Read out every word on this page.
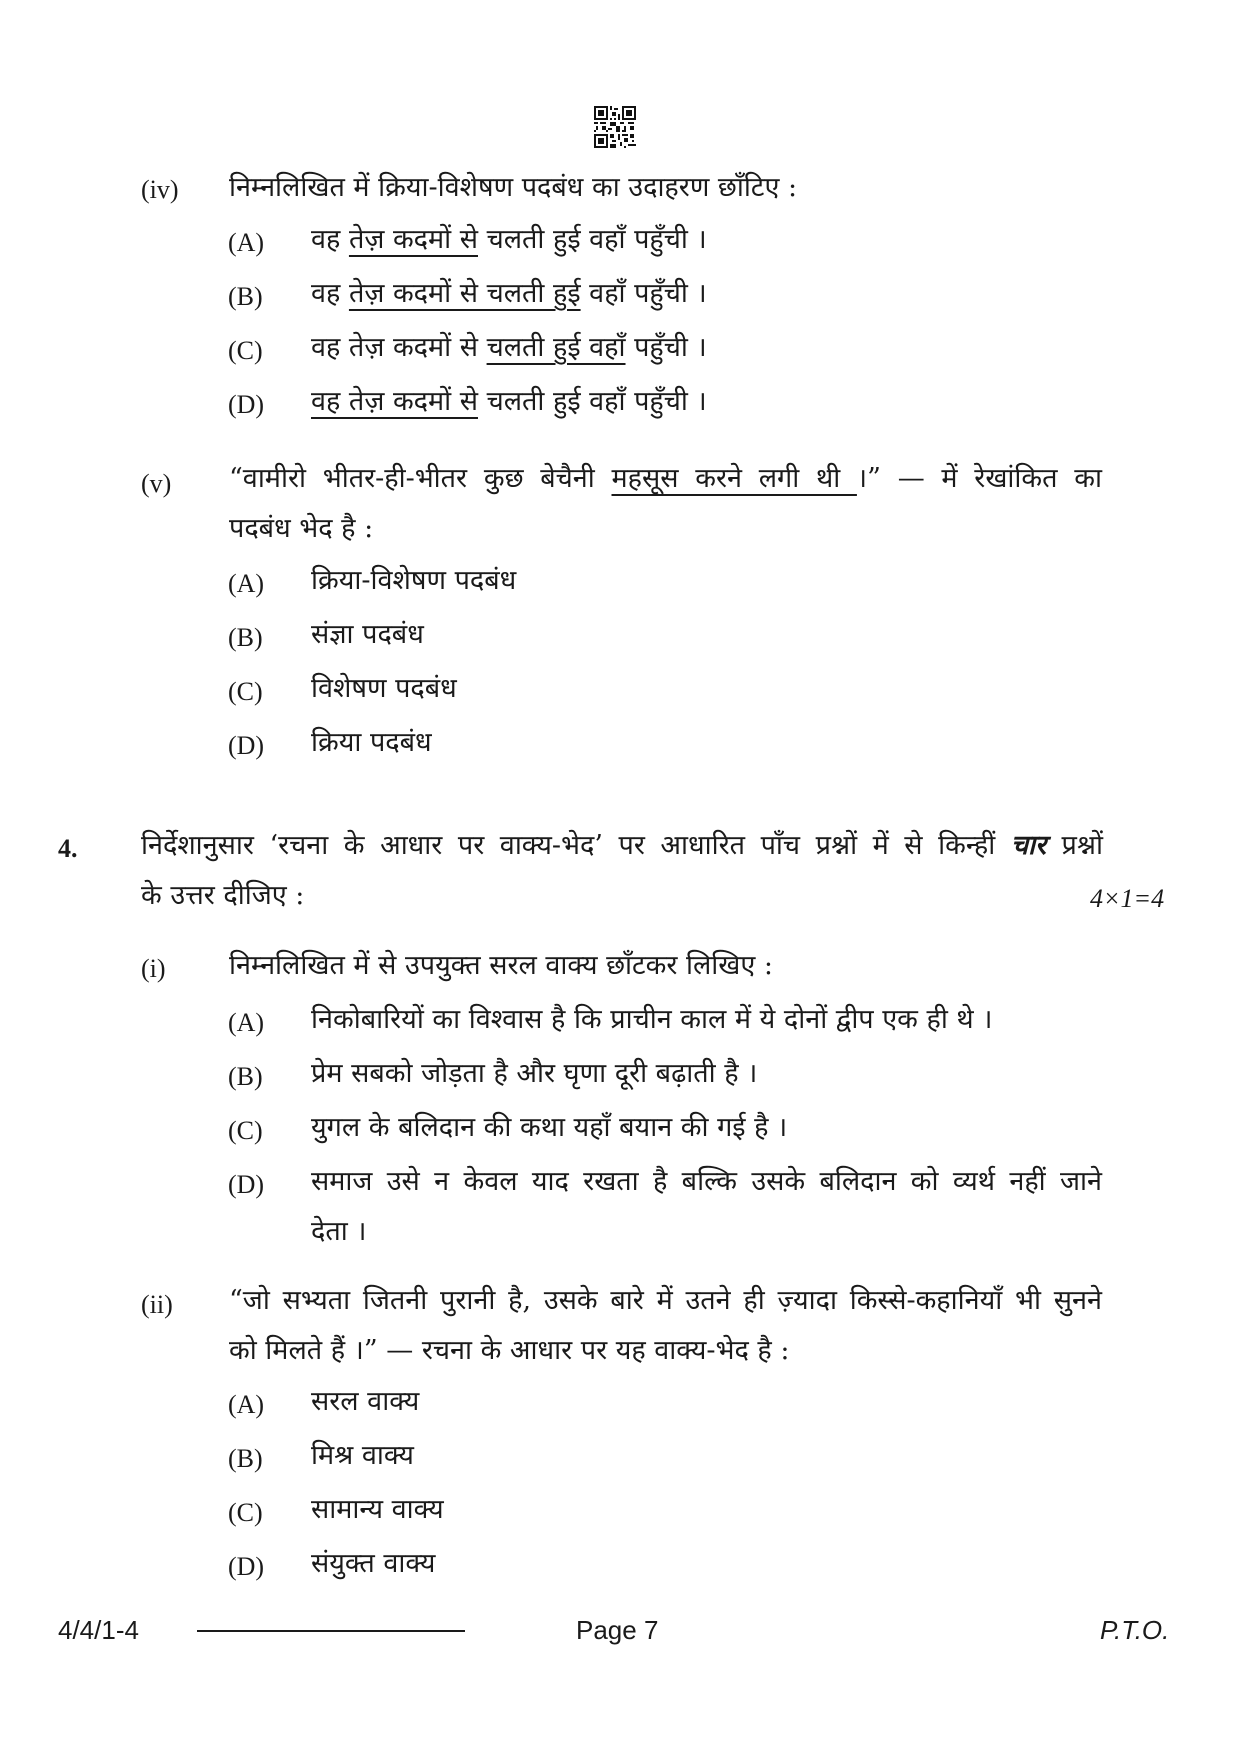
(iv) निम्नलिखित में क्रिया-विशेषण पदबंध का उदाहरण छाँटिए :
(A) वह तेज़ कदमों से चलती हुई वहाँ पहुँची ।
(B) वह तेज़ कदमों से चलती हुई वहाँ पहुँची ।
(C) वह तेज़ कदमों से चलती हुई वहाँ पहुँची ।
(D) वह तेज़ कदमों से चलती हुई वहाँ पहुँची ।
(v) “वामीरो भीतर-ही-भीतर कुछ बेचैनी महसूस करने लगी थी ।” — में रेखांकित का
पदबंध भेद है :
(A) क्रिया-विशेषण पदबंध
(B) संज्ञा पदबंध
(C) विशेषण पदबंध
(D) क्रिया पदबंध
4. निर्देशानुसार ‘रचना के आधार पर वाक्य-भेद’ पर आधारित पाँच प्रश्नों में से किन्हीं चार प्रश्नों
के उत्तर दीजिए :	4×1=4
(i) निम्नलिखित में से उपयुक्त सरल वाक्य छाँटकर लिखिए :
(A) निकोबारियों का विश्वास है कि प्राचीन काल में ये दोनों द्वीप एक ही थे ।
(B) प्रेम सबको जोड़ता है और घृणा दूरी बढ़ाती है ।
(C) युगल के बलिदान की कथा यहाँ बयान की गई है ।
(D) समाज उसे न केवल याद रखता है बल्कि उसके बलिदान को व्यर्थ नहीं जाने
देता ।
(ii) “जो सभ्यता जितनी पुरानी है, उसके बारे में उतने ही ज़्यादा किस्से-कहानियाँ भी सुनने
को मिलते हैं ।” — रचना के आधार पर यह वाक्य-भेद है :
(A) सरल वाक्य
(B) मिश्र वाक्य
(C) सामान्य वाक्य
(D) संयुक्त वाक्य
4/4/1-4	Page 7	P.T.O.
